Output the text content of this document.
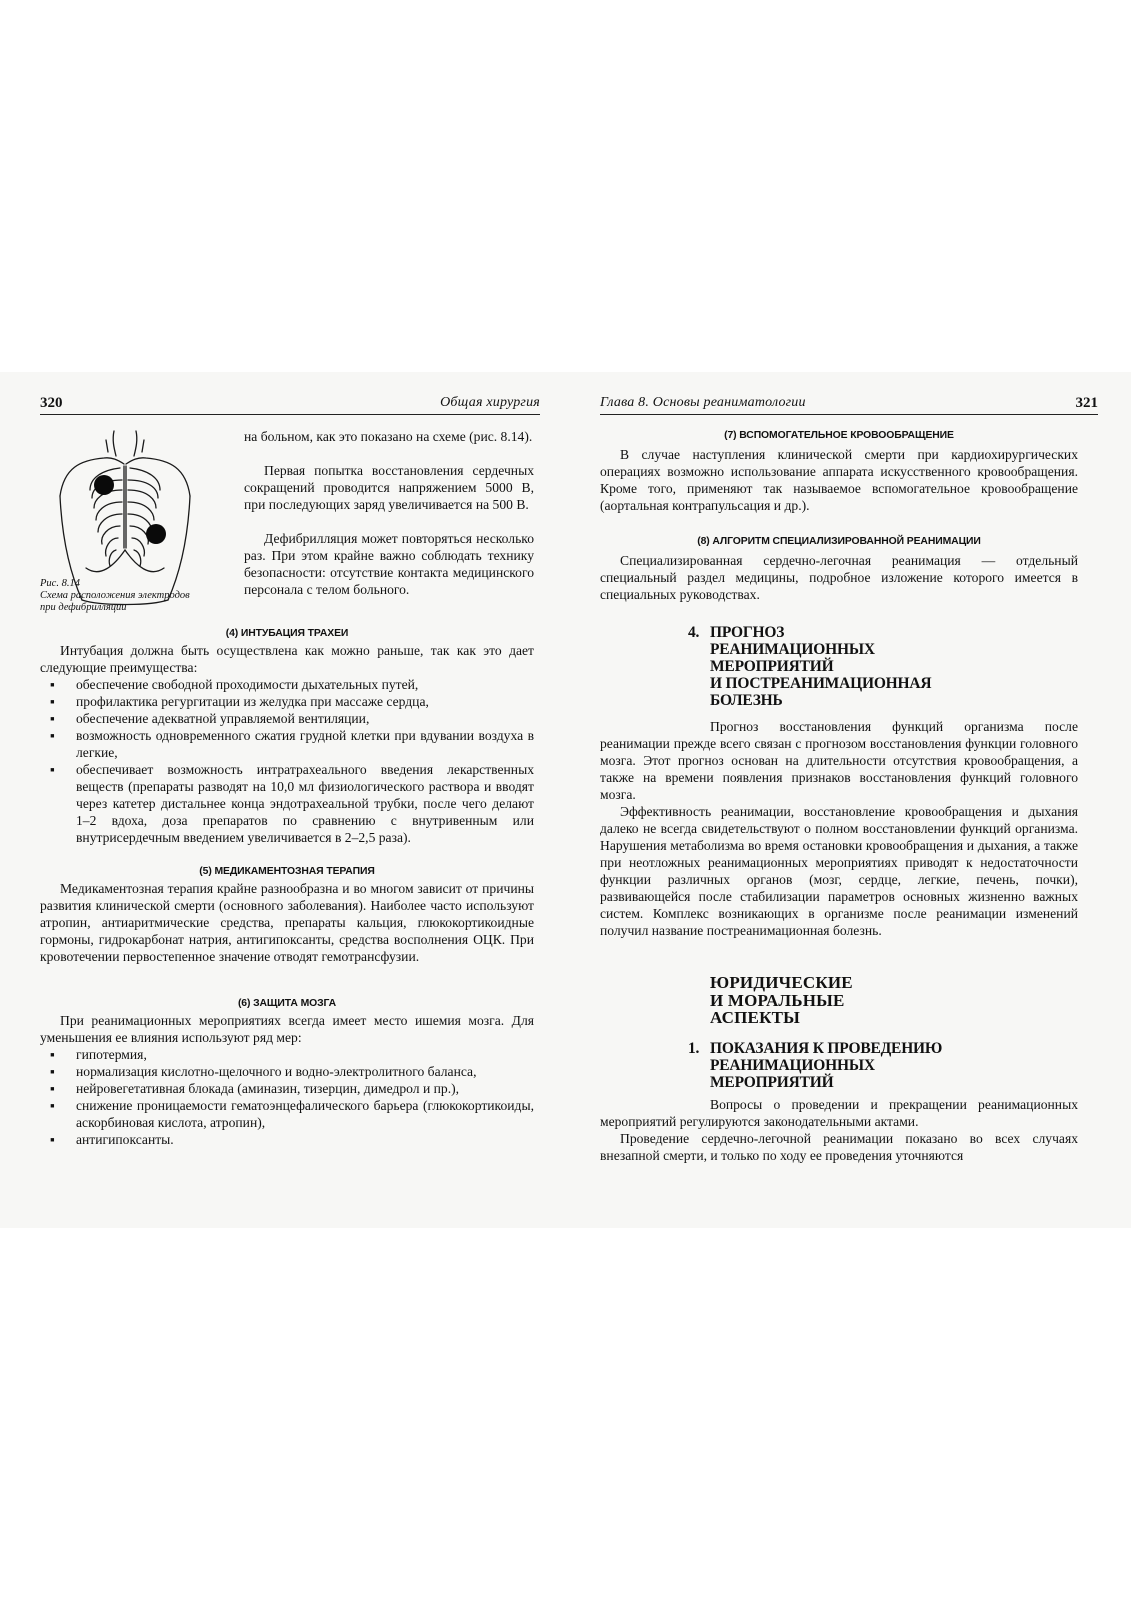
320	Общая хирургия
Рис. 8.14
Схема расположения электродов
при дефибрилляции

на больном, как это показано на схеме (рис. 8.14).

Первая попытка восстановления сердечных сокращений проводится напряжением 5000 В, при последующих заряд увеличивается на 500 В.

Дефибрилляция может повторяться несколько раз. При этом крайне важно соблюдать технику безопасности: отсутствие контакта медицинского персонала с телом больного.

(4) ИНТУБАЦИЯ ТРАХЕИ

Интубация должна быть осуществлена как можно раньше, так как это дает следующие преимущества:

▪ обеспечение свободной проходимости дыхательных путей,
▪ профилактика регургитации из желудка при массаже сердца,
▪ обеспечение адекватной управляемой вентиляции,
▪ возможность одновременного сжатия грудной клетки при вдувании воздуха в легкие,
▪ обеспечивает возможность интратрахеального введения лекарственных веществ (препараты разводят на 10,0 мл физиологического раствора и вводят через катетер дистальнее конца эндотрахеальной трубки, после чего делают 1–2 вдоха, доза препаратов по сравнению с внутривенным или внутрисердечным введением увеличивается в 2–2,5 раза).

(5) МЕДИКАМЕНТОЗНАЯ ТЕРАПИЯ

Медикаментозная терапия крайне разнообразна и во многом зависит от причины развития клинической смерти (основного заболевания). Наиболее часто используют атропин, антиаритмические средства, препараты кальция, глюкокортикоидные гормоны, гидрокарбонат натрия, антигипоксанты, средства восполнения ОЦК. При кровотечении первостепенное значение отводят гемотрансфузии.

(6) ЗАЩИТА МОЗГА

При реанимационных мероприятиях всегда имеет место ишемия мозга. Для уменьшения ее влияния используют ряд мер:

▪ гипотермия,
▪ нормализация кислотно-щелочного и водно-электролитного баланса,
▪ нейровегетативная блокада (аминазин, тизерцин, димедрол и пр.),
▪ снижение проницаемости гематоэнцефалического барьера (глюкокортикоиды, аскорбиновая кислота, атропин),
▪ антигипоксанты.
Глава 8. Основы реаниматологии	321

(7) ВСПОМОГАТЕЛЬНОЕ КРОВООБРАЩЕНИЕ

В случае наступления клинической смерти при кардиохирургических операциях возможно использование аппарата искусственного кровообращения. Кроме того, применяют так называемое вспомогательное кровообращение (аортальная контрапульсация и др.).

(8) АЛГОРИТМ СПЕЦИАЛИЗИРОВАННОЙ РЕАНИМАЦИИ

Специализированная сердечно-легочная реанимация — отдельный специальный раздел медицины, подробное изложение которого имеется в специальных руководствах.

4. ПРОГНОЗ
РЕАНИМАЦИОННЫХ
МЕРОПРИЯТИЙ
И ПОСТРЕАНИМАЦИОННАЯ
БОЛЕЗНЬ

Прогноз восстановления функций организма после реанимации прежде всего связан с прогнозом восстановления функции головного мозга. Этот прогноз основан на длительности отсутствия кровообращения, а также на времени появления признаков восстановления функций головного мозга.

Эффективность реанимации, восстановление кровообращения и дыхания далеко не всегда свидетельствуют о полном восстановлении функций организма. Нарушения метаболизма во время остановки кровообращения и дыхания, а также при неотложных реанимационных мероприятиях приводят к недостаточности функции различных органов (мозг, сердце, легкие, печень, почки), развивающейся после стабилизации параметров основных жизненно важных систем. Комплекс возникающих в организме после реанимации изменений получил название постреанимационная болезнь.

ЮРИДИЧЕСКИЕ
И МОРАЛЬНЫЕ
АСПЕКТЫ
1. ПОКАЗАНИЯ К ПРОВЕДЕНИЮ
РЕАНИМАЦИОННЫХ
МЕРОПРИЯТИЙ

Вопросы о проведении и прекращении реанимационных мероприятий регулируются законодательными актами.

Проведение сердечно-легочной реанимации показано во всех случаях внезапной смерти, и только по ходу ее проведения уточняются
